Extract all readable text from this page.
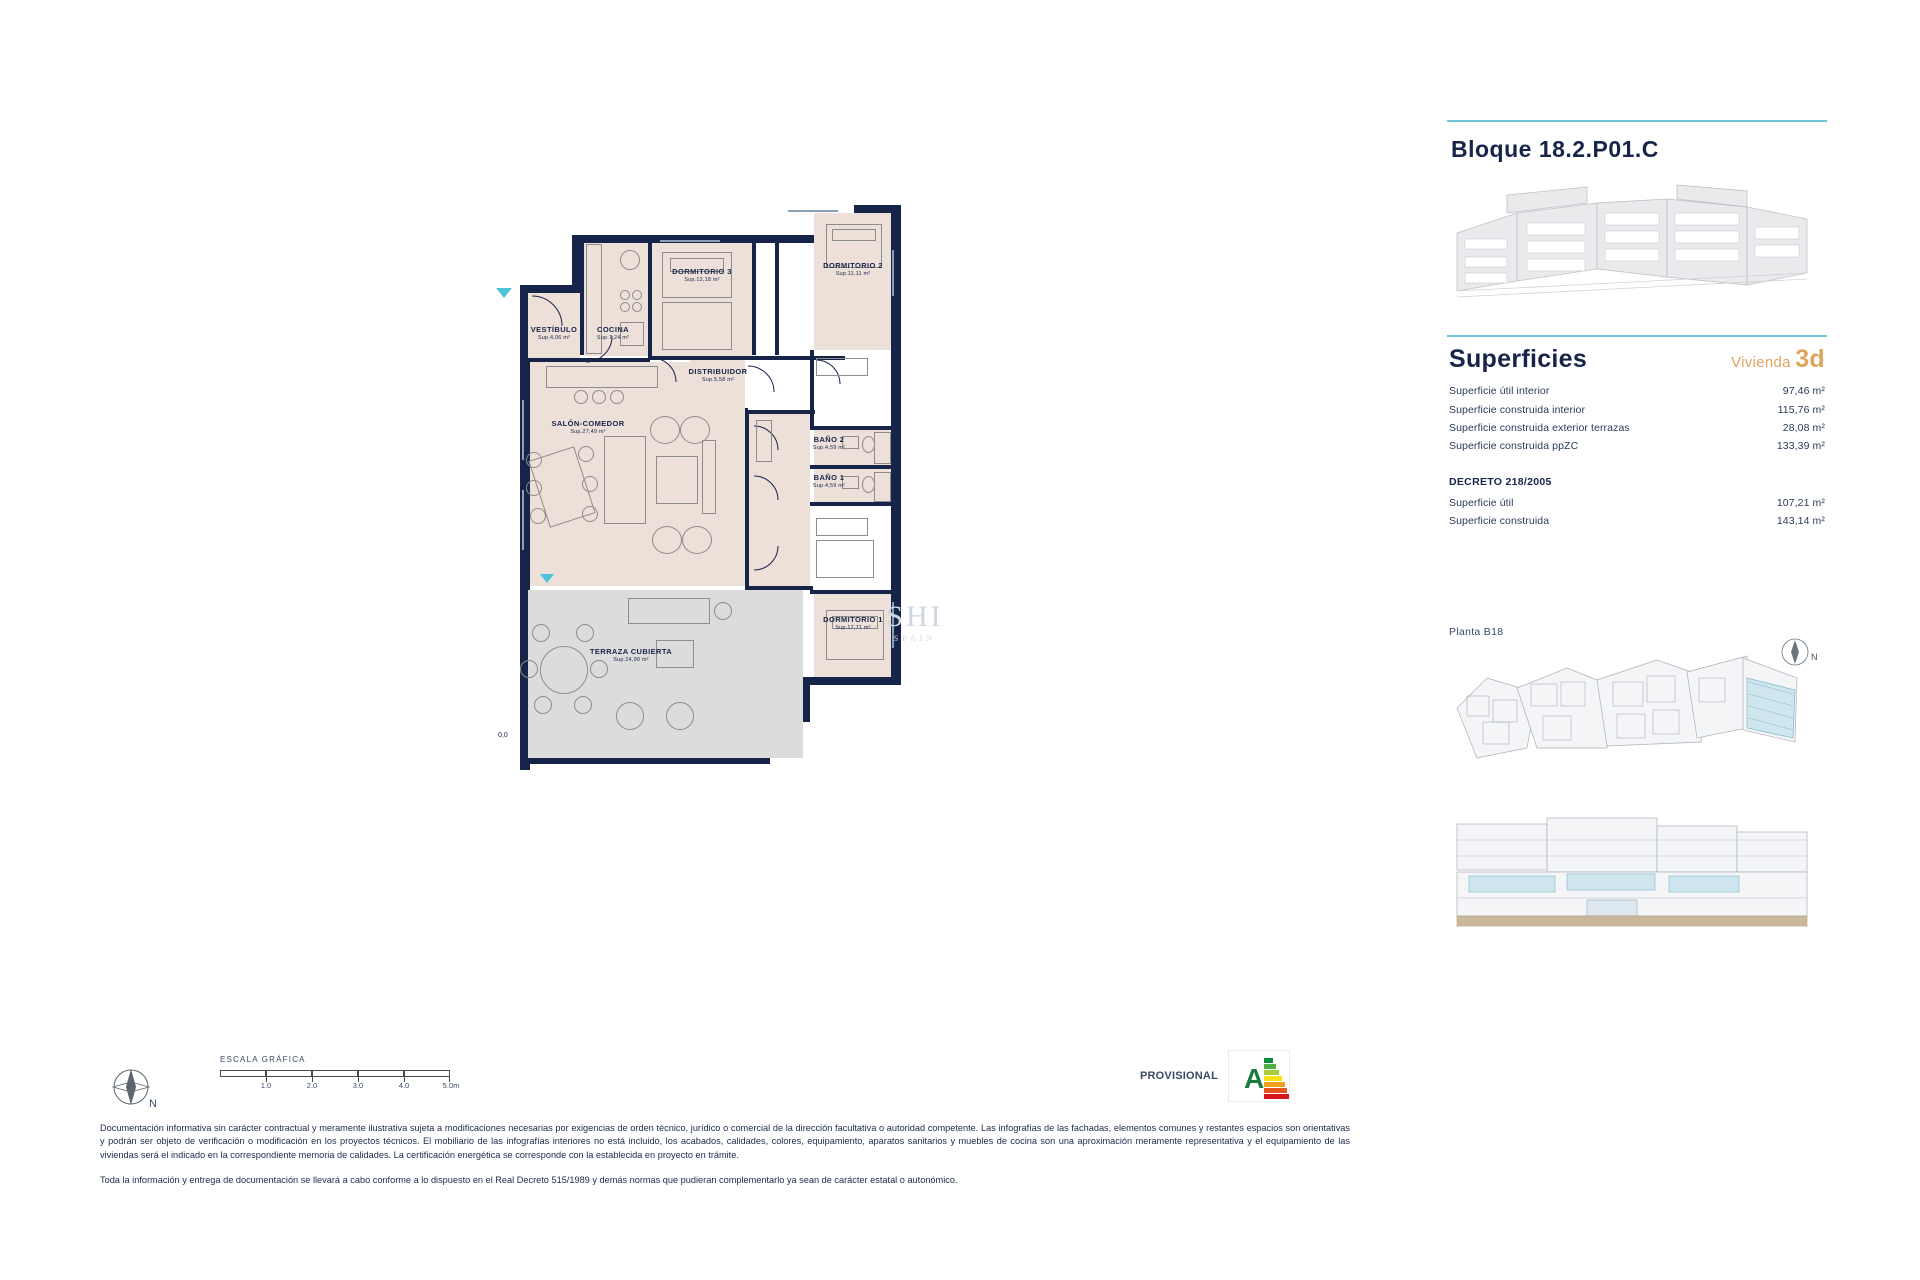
VESTÍBULO
Sup.4,06 m²
COCINA
Sup.7,24 m²
DORMITORIO 3
Sup.12,18 m²
DORMITORIO 2
Sup.11,11 m²
DISTRIBUIDOR
Sup.5,58 m²
BAÑO 2
Sup.4,59 m²
BAÑO 1
Sup.4,59 m²
SALÓN-COMEDOR
Sup.27,49 m²
DORMITORIO 1
Sup.17,71 m²
TERRAZA CUBIERTA
Sup.24,90 m²
0,0
SHI
SPAIN
Bloque 18.2.P01.C
Superficies	Vivienda 3d
Superficie útil interior	97,46 m²
Superficie construida interior	115,76 m²
Superficie construida exterior terrazas	28,08 m²
Superficie construida ppZC	133,39 m²
DECRETO 218/2005
Superficie útil	107,21 m²
Superficie construida	143,14 m²
Planta B18
N
N
ESCALA GRÁFICA
1.0	2.0	3.0	4.0	5.0m
PROVISIONAL A

Documentación informativa sin carácter contractual y meramente ilustrativa sujeta a modificaciones necesarias por exigencias de orden técnico, jurídico o comercial de la dirección facultativa o autoridad competente. Las infografías de las fachadas, elementos comunes y restantes espacios son orientativas y podrán ser objeto de verificación o modificación en los proyectos técnicos. El mobiliario de las infografías interiores no está incluido, los acabados, calidades, colores, equipamiento, aparatos sanitarios y muebles de cocina son una aproximación meramente representativa y el equipamiento de las viviendas será el indicado en la correspondiente memoria de calidades. La certificación energética se corresponde con la establecida en proyecto en trámite.

Toda la información y entrega de documentación se llevará a cabo conforme a lo dispuesto en el Real Decreto 515/1989 y demás normas que pudieran complementarlo ya sean de carácter estatal o autonómico.
